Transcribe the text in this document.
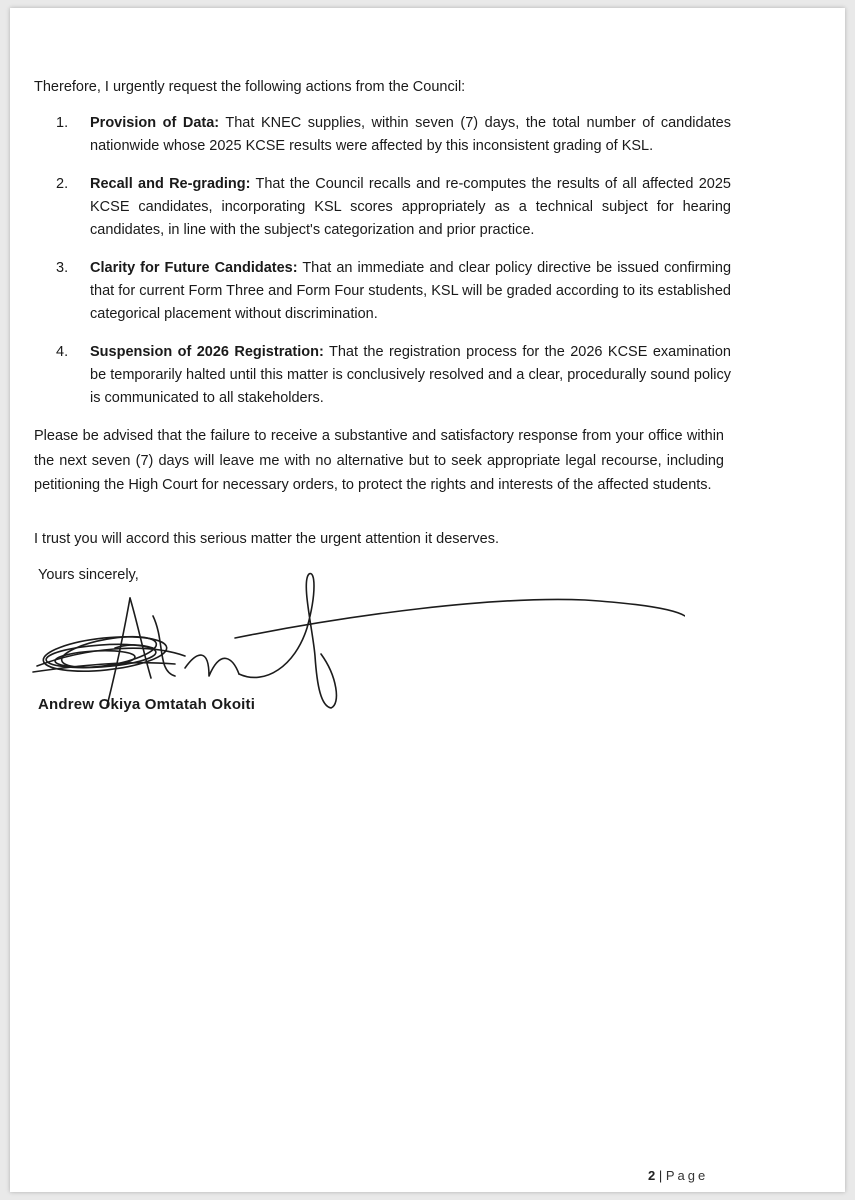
Therefore, I urgently request the following actions from the Council:
1. Provision of Data: That KNEC supplies, within seven (7) days, the total number of candidates nationwide whose 2025 KCSE results were affected by this inconsistent grading of KSL.
2. Recall and Re-grading: That the Council recalls and re-computes the results of all affected 2025 KCSE candidates, incorporating KSL scores appropriately as a technical subject for hearing candidates, in line with the subject's categorization and prior practice.
3. Clarity for Future Candidates: That an immediate and clear policy directive be issued confirming that for current Form Three and Form Four students, KSL will be graded according to its established categorical placement without discrimination.
4. Suspension of 2026 Registration: That the registration process for the 2026 KCSE examination be temporarily halted until this matter is conclusively resolved and a clear, procedurally sound policy is communicated to all stakeholders.
Please be advised that the failure to receive a substantive and satisfactory response from your office within the next seven (7) days will leave me with no alternative but to seek appropriate legal recourse, including petitioning the High Court for necessary orders, to protect the rights and interests of the affected students.
I trust you will accord this serious matter the urgent attention it deserves.
Yours sincerely,
Andrew Okiya Omtatah Okoiti
2 | Page
